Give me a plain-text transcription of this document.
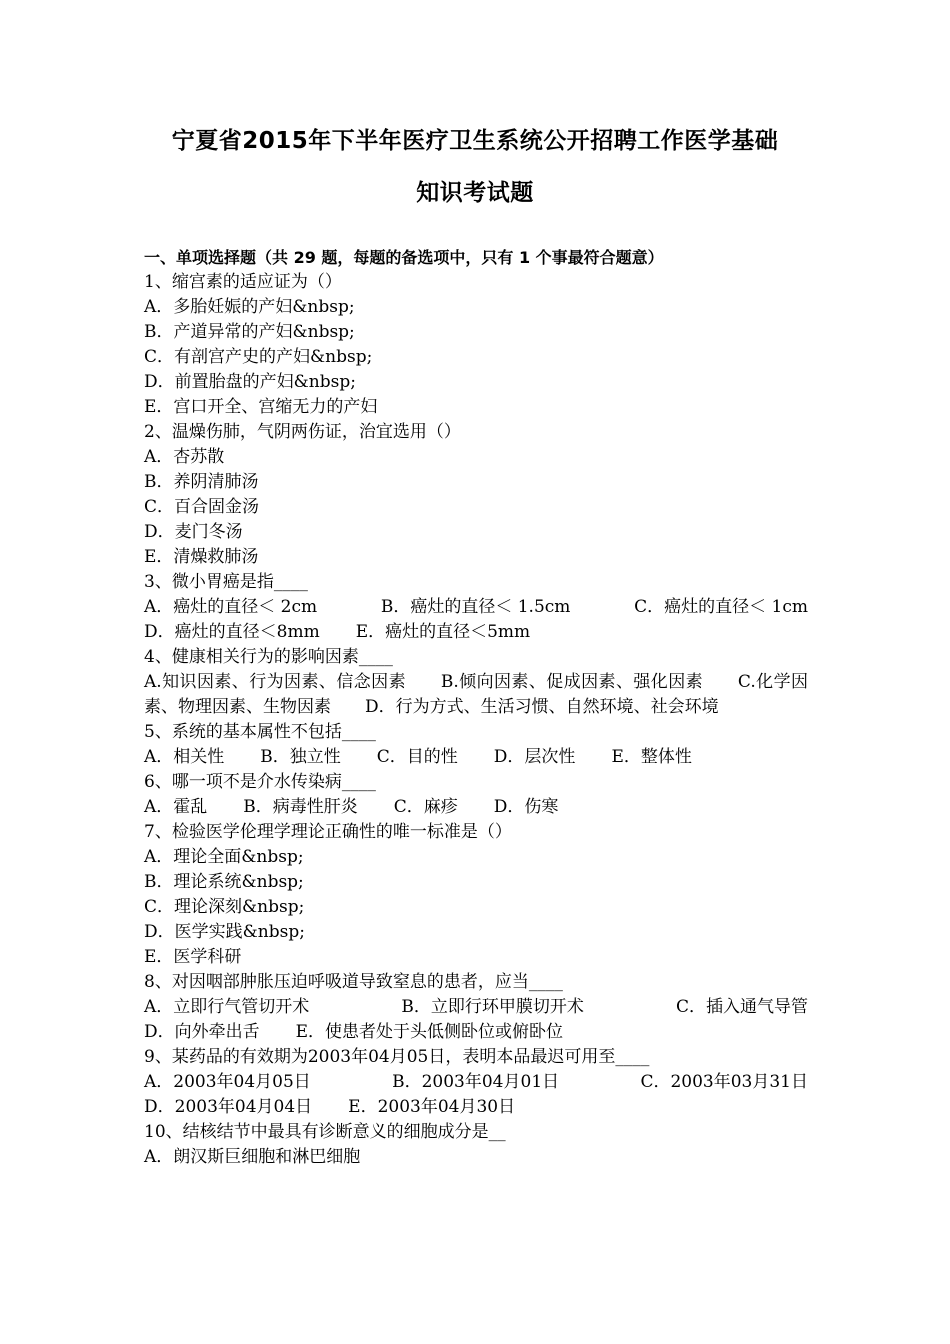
宁夏省2015年下半年医疗卫生系统公开招聘工作医学基础
知识考试题
一、单项选择题（共 29 题，每题的备选项中，只有 1 个事最符合题意）
1、缩宫素的适应证为（）
A．多胎妊娠的产妇&nbsp;
B．产道异常的产妇&nbsp;
C．有剖宫产史的产妇&nbsp;
D．前置胎盘的产妇&nbsp;
E．宫口开全、宫缩无力的产妇
2、温燥伤肺，气阴两伤证，治宜选用（）
A．杏苏散
B．养阴清肺汤
C．百合固金汤
D．麦门冬汤
E．清燥救肺汤
3、微小胃癌是指____
A．癌灶的直径＜ 2cm	B．癌灶的直径＜ 1.5cm	C．癌灶的直径＜ 1cm
D．癌灶的直径＜8mm E．癌灶的直径＜5mm
4、健康相关行为的影响因素____
A.知识因素、行为因素、信念因素　　B.倾向因素、促成因素、强化因素　　C.化学因素、物理因素、生物因素　　D．行为方式、生活习惯、自然环境、社会环境
5、系统的基本属性不包括____
A．相关性 B．独立性 C．目的性 D．层次性 E．整体性
6、哪一项不是介水传染病____
A．霍乱 B．病毒性肝炎 C．麻疹 D．伤寒
7、检验医学伦理学理论正确性的唯一标准是（）
A．理论全面&nbsp;
B．理论系统&nbsp;
C．理论深刻&nbsp;
D．医学实践&nbsp;
E．医学科研
8、对因咽部肿胀压迫呼吸道导致窒息的患者，应当____
A．立即行气管切开术	B．立即行环甲膜切开术	C．插入通气导管
D．向外牵出舌 E．使患者处于头低侧卧位或俯卧位
9、某药品的有效期为2003年04月05日，表明本品最迟可用至____
A．2003年04月05日	B．2003年04月01日	C．2003年03月31日
D．2003年04月04日 E．2003年04月30日
10、结核结节中最具有诊断意义的细胞成分是__
A．朗汉斯巨细胞和淋巴细胞
